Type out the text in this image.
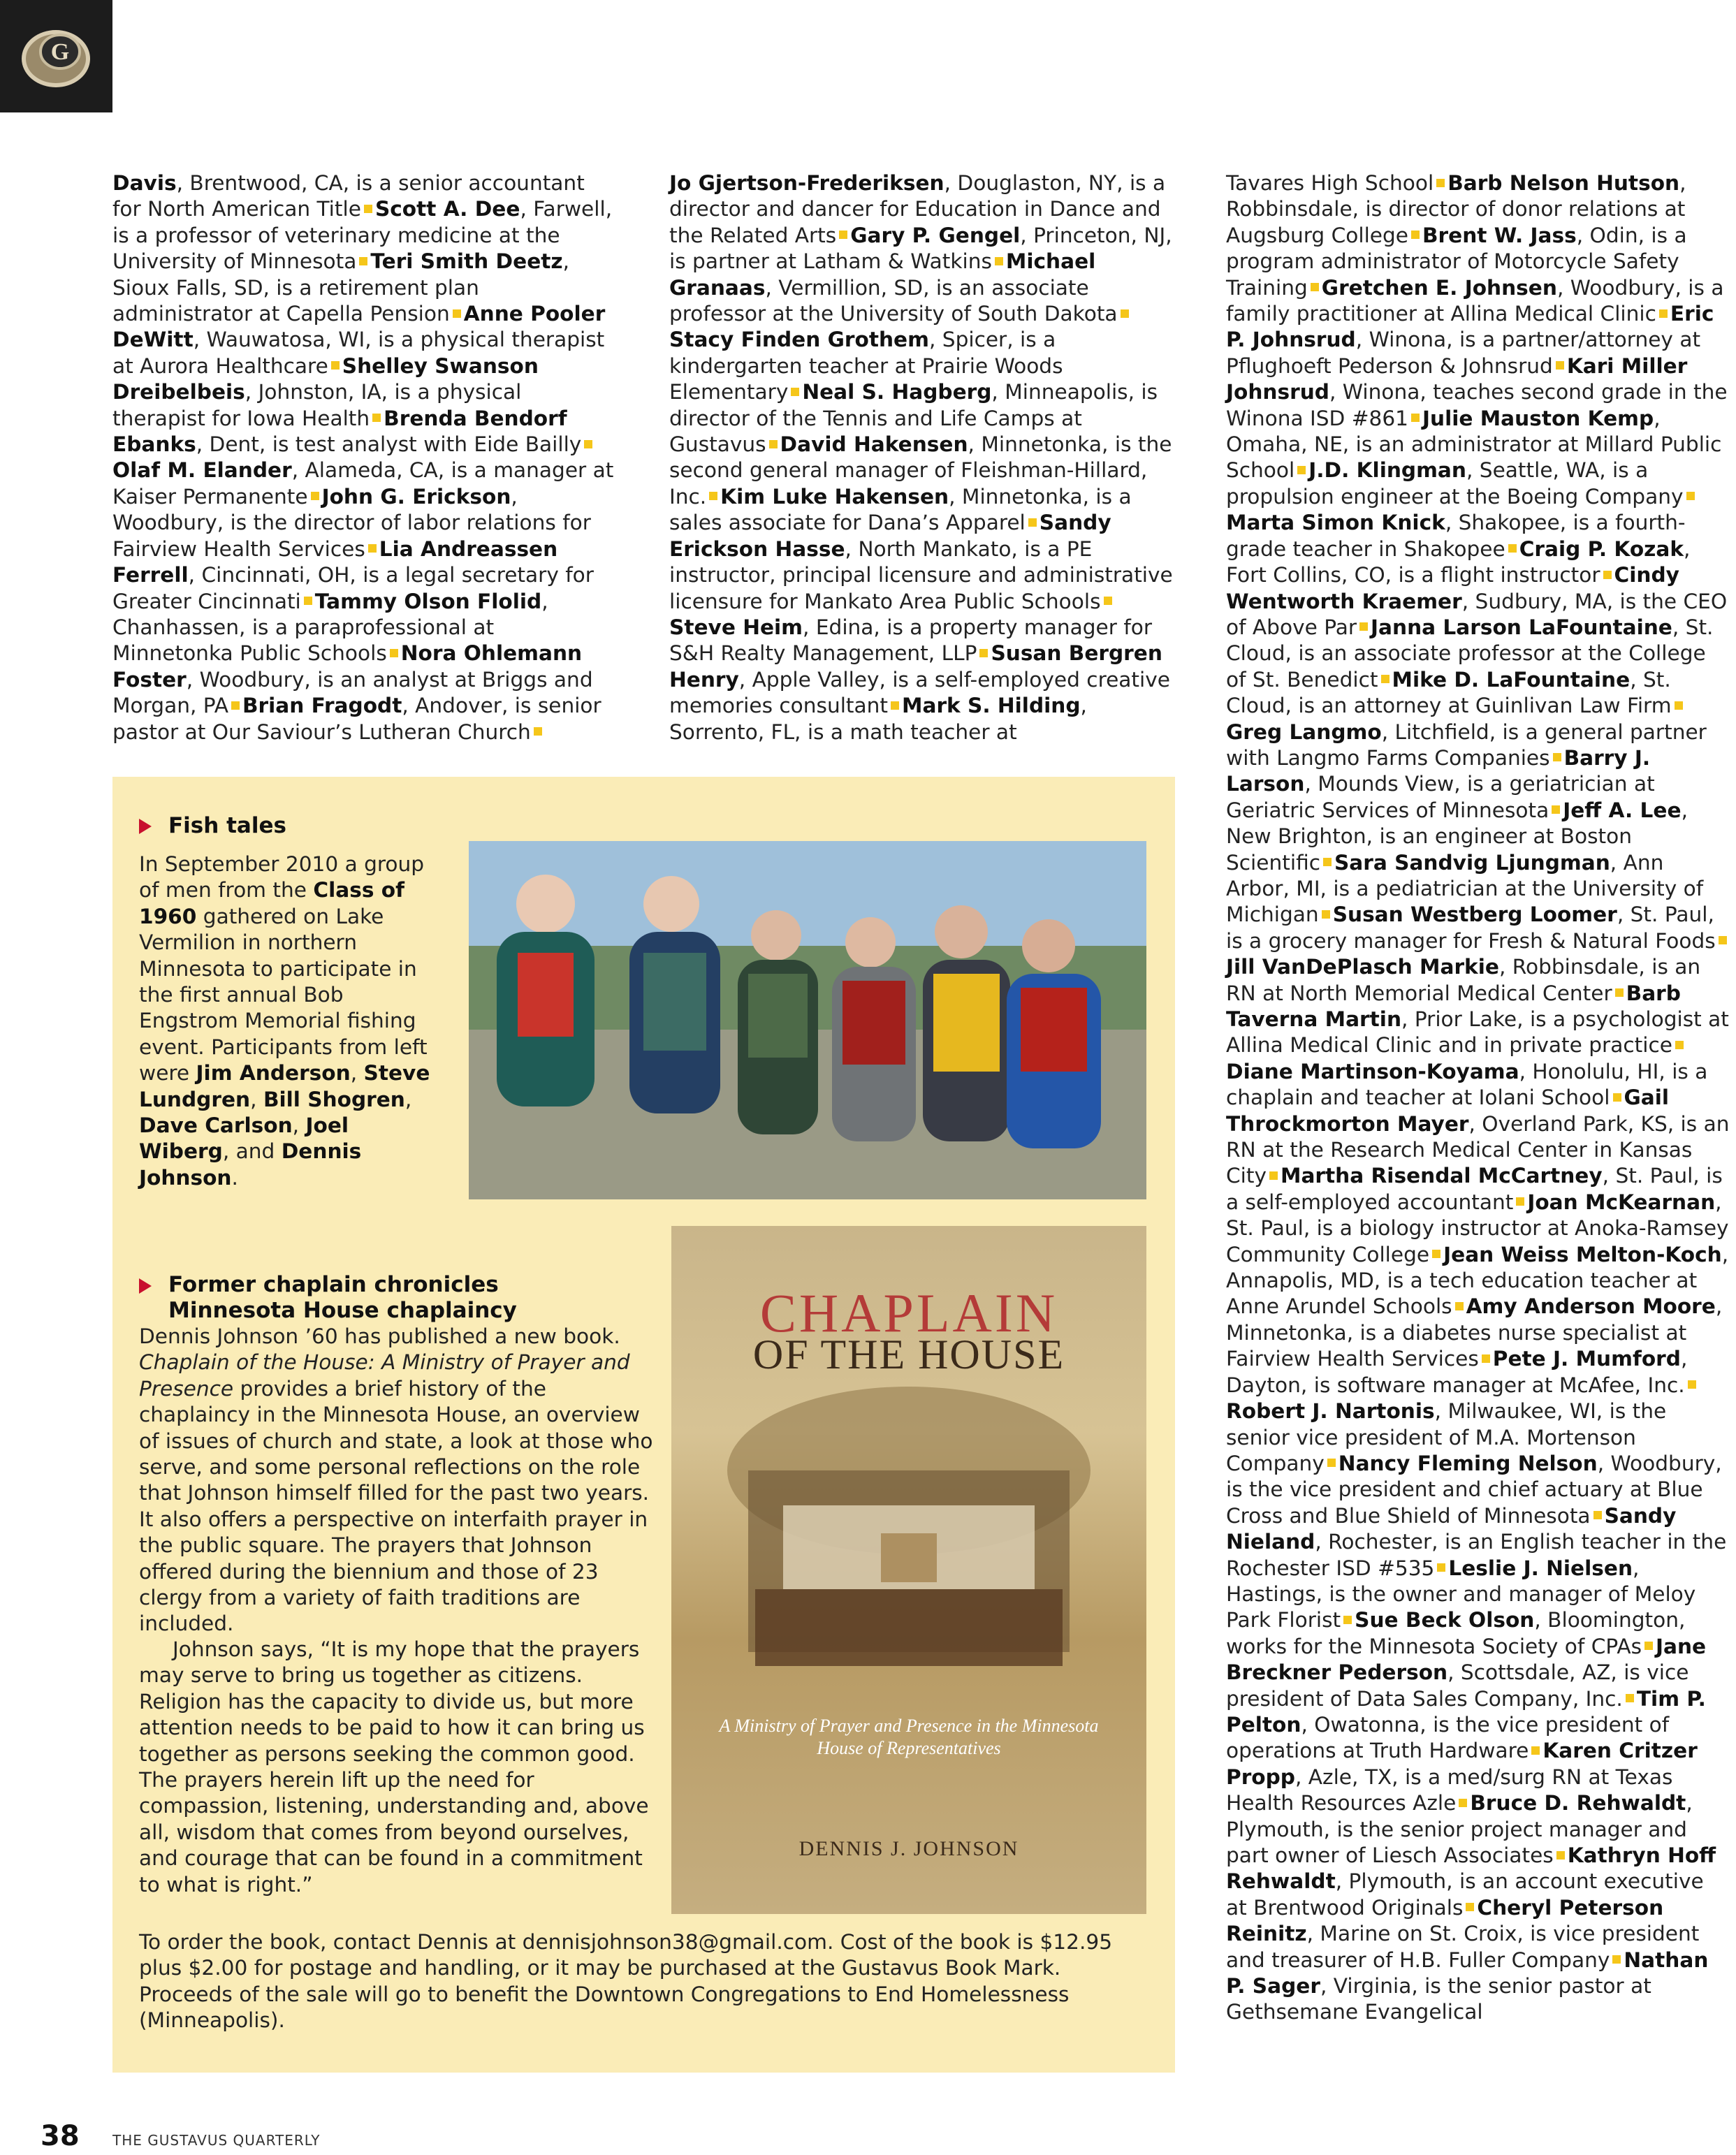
G
Davis, Brentwood, CA, is a senior accountant for North American Title Scott A. Dee, Farwell, is a professor of veterinary medicine at the University of Minnesota Teri Smith Deetz, Sioux Falls, SD, is a retirement plan administrator at Capella Pension Anne Pooler DeWitt, Wauwatosa, WI, is a physical therapist at Aurora Healthcare Shelley Swanson Dreibelbeis, Johnston, IA, is a physical therapist for Iowa Health Brenda Bendorf Ebanks, Dent, is test analyst with Eide BaillyOlaf M. Elander, Alameda, CA, is a manager at Kaiser Permanente John G. Erickson, Woodbury, is the director of labor relations for Fairview Health Services Lia Andreassen Ferrell, Cincinnati, OH, is a legal secretary for Greater Cincinnati Tammy Olson Flolid, Chanhassen, is a paraprofessional at Minnetonka Public Schools Nora Ohlemann Foster, Woodbury, is an analyst at Briggs and Morgan, PA Brian Fragodt, Andover, is senior pastor at Our Saviour’s Lutheran Church
Jo Gjertson-Frederiksen, Douglaston, NY, is a director and dancer for Education in Dance and the Related Arts Gary P. Gengel, Princeton, NJ, is partner at Latham & Watkins Michael Granaas, Vermillion, SD, is an associate professor at the University of South DakotaStacy Finden Grothem, Spicer, is a kindergarten teacher at Prairie Woods Elementary Neal S. Hagberg, Minneapolis, is director of the Tennis and Life Camps at Gustavus David Hakensen, Minnetonka, is the second general manager of Fleishman-Hillard, Inc. Kim Luke Hakensen, Minnetonka, is a sales associate for Dana’s Apparel Sandy Erickson Hasse, North Mankato, is a PE instructor, principal licensure and administrative licensure for Mankato Area Public SchoolsSteve Heim, Edina, is a property manager for S&H Realty Management, LLP Susan Bergren Henry, Apple Valley, is a self-employed creative memories consultant Mark S. Hilding, Sorrento, FL, is a math teacher at
Tavares High School Barb Nelson Hutson, Robbinsdale, is director of donor relations at Augsburg College Brent W. Jass, Odin, is a program administrator of Motorcycle Safety Training Gretchen E. Johnsen, Woodbury, is a family practitioner at Allina Medical Clinic Eric P. Johnsrud, Winona, is a partner/attorney at Pflughoeft Pederson & Johnsrud Kari Miller Johnsrud, Winona, teaches second grade in the Winona ISD #861 Julie Mauston Kemp, Omaha, NE, is an administrator at Millard Public School J.D. Klingman, Seattle, WA, is a propulsion engineer at the Boeing CompanyMarta Simon Knick, Shakopee, is a fourth-grade teacher in Shakopee Craig P. Kozak, Fort Collins, CO, is a flight instructor Cindy Wentworth Kraemer, Sudbury, MA, is the CEO of Above Par Janna Larson LaFountaine, St. Cloud, is an associate professor at the College of St. Benedict Mike D. LaFountaine, St. Cloud, is an attorney at Guinlivan Law FirmGreg Langmo, Litchfield, is a general partner with Langmo Farms Companies Barry J. Larson, Mounds View, is a geriatrician at Geriatric Services of Minnesota Jeff A. Lee, New Brighton, is an engineer at Boston Scientific Sara Sandvig Ljungman, Ann Arbor, MI, is a pediatrician at the University of Michigan Susan Westberg Loomer, St. Paul, is a grocery manager for Fresh & Natural FoodsJill VanDePlasch Markie, Robbinsdale, is an RN at North Memorial Medical Center Barb Taverna Martin, Prior Lake, is a psychologist at Allina Medical Clinic and in private practiceDiane Martinson-Koyama, Honolulu, HI, is a chaplain and teacher at Iolani School Gail Throckmorton Mayer, Overland Park, KS, is an RN at the Research Medical Center in Kansas City Martha Risendal McCartney, St. Paul, is a self-employed accountant Joan McKearnan, St. Paul, is a biology instructor at Anoka-Ramsey Community College Jean Weiss Melton-Koch, Annapolis, MD, is a tech education teacher at Anne Arundel Schools Amy Anderson Moore, Minnetonka, is a diabetes nurse specialist at Fairview Health Services Pete J. Mumford, Dayton, is software manager at McAfee, Inc.Robert J. Nartonis, Milwaukee, WI, is the senior vice president of M.A. Mortenson Company Nancy Fleming Nelson, Woodbury, is the vice president and chief actuary at Blue Cross and Blue Shield of Minnesota Sandy Nieland, Rochester, is an English teacher in the Rochester ISD #535 Leslie J. Nielsen, Hastings, is the owner and manager of Meloy Park Florist Sue Beck Olson, Bloomington, works for the Minnesota Society of CPAs Jane Breckner Pederson, Scottsdale, AZ, is vice president of Data Sales Company, Inc. Tim P. Pelton, Owatonna, is the vice president of operations at Truth Hardware Karen Critzer Propp, Azle, TX, is a med/surg RN at Texas Health Resources Azle Bruce D. Rehwaldt, Plymouth, is the senior project manager and part owner of Liesch Associates Kathryn Hoff Rehwaldt, Plymouth, is an account executive at Brentwood Originals Cheryl Peterson Reinitz, Marine on St. Croix, is vice president and treasurer of H.B. Fuller Company Nathan P. Sager, Virginia, is the senior pastor at Gethsemane Evangelical
Fish tales
In September 2010 a group of men from the Class of 1960 gathered on Lake Vermilion in northern Minnesota to participate in the first annual Bob Engstrom Memorial fishing event. Participants from left were Jim Anderson, Steve Lundgren, Bill Shogren, Dave Carlson, Joel Wiberg, and Dennis Johnson.
Former chaplain chronicles
Minnesota House chaplaincy
Dennis Johnson ’60 has published a new book. Chaplain of the House: A Ministry of Prayer and Presence provides a brief history of the chaplaincy in the Minnesota House, an overview of issues of church and state, a look at those who serve, and some personal reflections on the role that Johnson himself filled for the past two years. It also offers a perspective on interfaith prayer in the public square. The prayers that Johnson offered during the biennium and those of 23 clergy from a variety of faith traditions are included.
Johnson says, “It is my hope that the prayers may serve to bring us together as citizens. Religion has the capacity to divide us, but more attention needs to be paid to how it can bring us together as persons seeking the common good. The prayers herein lift up the need for compassion, listening, understanding and, above all, wisdom that comes from beyond ourselves, and courage that can be found in a commitment to what is right.”
CHAPLAIN
OF THE HOUSE
A Ministry of Prayer and Presence in the Minnesota House of Representatives
DENNIS J. JOHNSON
To order the book, contact Dennis at dennisjohnson38@gmail.com. Cost of the book is $12.95 plus $2.00 for postage and handling, or it may be purchased at the Gustavus Book Mark. Proceeds of the sale will go to benefit the Downtown Congregations to End Homelessness (Minneapolis).
38 THE GUSTAVUS QUARTERLY
